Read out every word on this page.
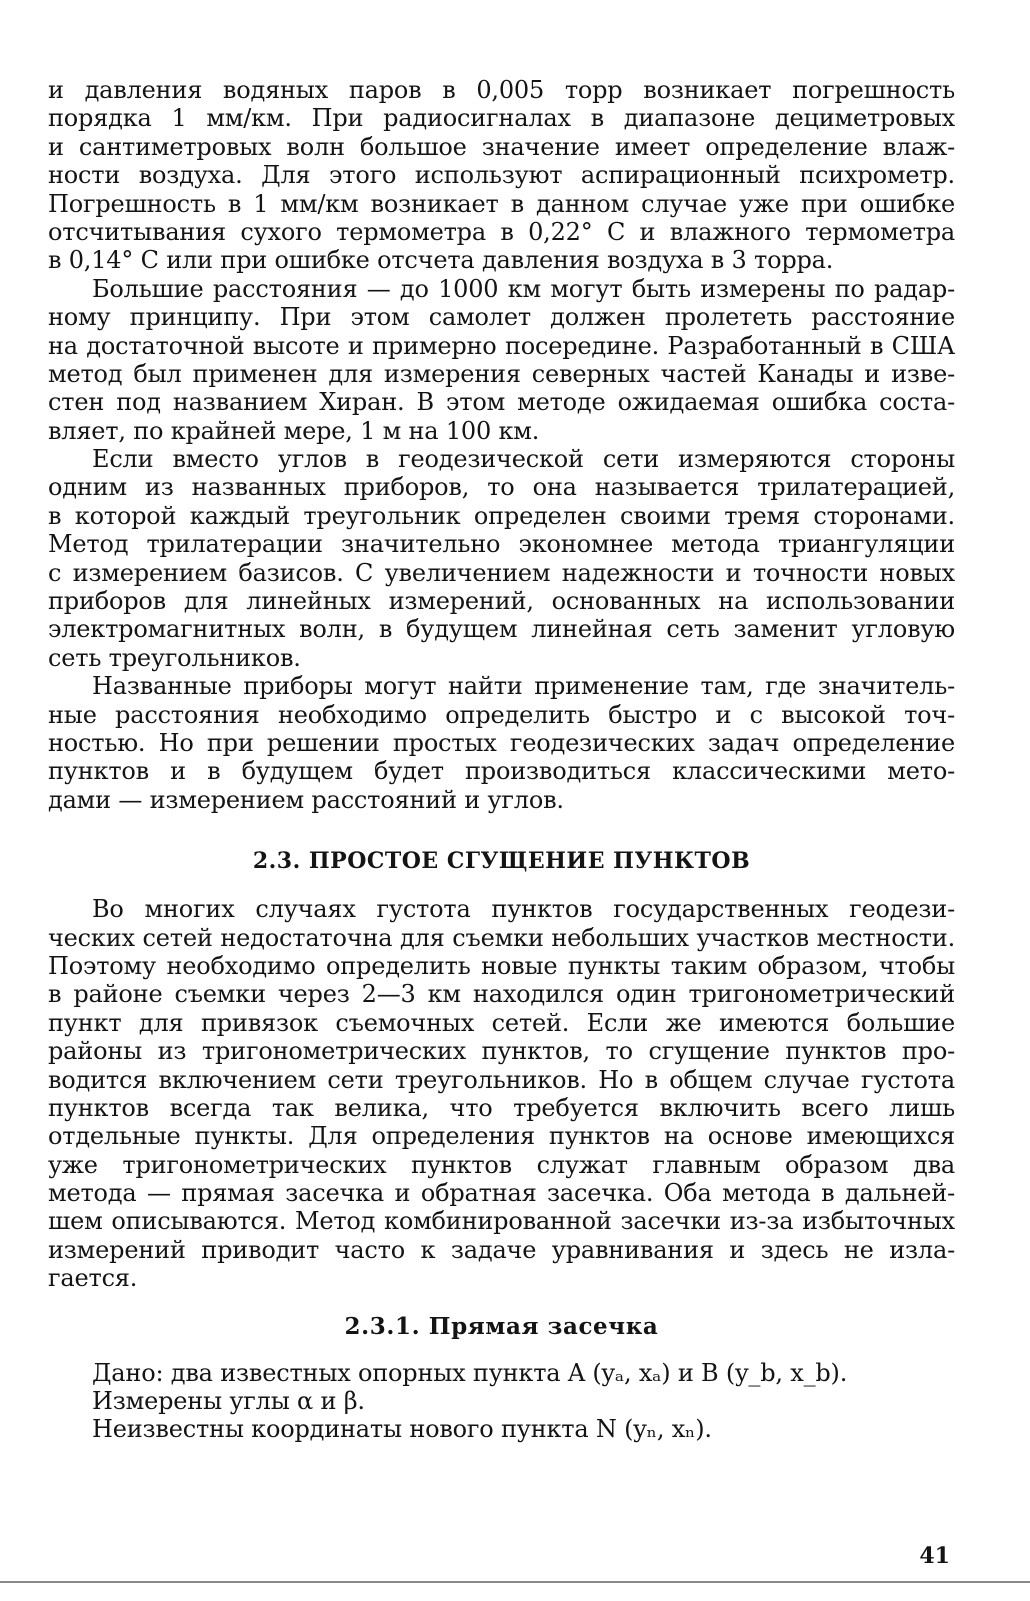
и давления водяных паров в 0,005 торр возникает погрешность
порядка 1 мм/км. При радиосигналах в диапазоне дециметровых
и сантиметровых волн большое значение имеет определение влаж-
ности воздуха. Для этого используют аспирационный психрометр.
Погрешность в 1 мм/км возникает в данном случае уже при ошибке
отсчитывания сухого термометра в 0,22° С и влажного термометра
в 0,14° С или при ошибке отсчета давления воздуха в 3 торра.
Большие расстояния — до 1000 км могут быть измерены по радар-
ному принципу. При этом самолет должен пролететь расстояние
на достаточной высоте и примерно посередине. Разработанный в США
метод был применен для измерения северных частей Канады и изве-
стен под названием Хиран. В этом методе ожидаемая ошибка соста-
вляет, по крайней мере, 1 м на 100 км.
Если вместо углов в геодезической сети измеряются стороны
одним из названных приборов, то она называется трилатерацией,
в которой каждый треугольник определен своими тремя сторонами.
Метод трилатерации значительно экономнее метода триангуляции
с измерением базисов. С увеличением надежности и точности новых
приборов для линейных измерений, основанных на использовании
электромагнитных волн, в будущем линейная сеть заменит угловую
сеть треугольников.
Названные приборы могут найти применение там, где значитель-
ные расстояния необходимо определить быстро и с высокой точ-
ностью. Но при решении простых геодезических задач определение
пунктов и в будущем будет производиться классическими мето-
дами — измерением расстояний и углов.
2.3. ПРОСТОЕ СГУЩЕНИЕ ПУНКТОВ
Во многих случаях густота пунктов государственных геодези-
ческих сетей недостаточна для съемки небольших участков местности.
Поэтому необходимо определить новые пункты таким образом, чтобы
в районе съемки через 2—3 км находился один тригонометрический
пункт для привязок съемочных сетей. Если же имеются большие
районы из тригонометрических пунктов, то сгущение пунктов про-
водится включением сети треугольников. Но в общем случае густота
пунктов всегда так велика, что требуется включить всего лишь
отдельные пункты. Для определения пунктов на основе имеющихся
уже тригонометрических пунктов служат главным образом два
метода — прямая засечка и обратная засечка. Оба метода в дальней-
шем описываются. Метод комбинированной засечки из-за избыточных
измерений приводит часто к задаче уравнивания и здесь не изла-
гается.
2.3.1. Прямая засечка
Дано: два известных опорных пункта A (yₐ, xₐ) и B (y_b, x_b).
Измерены углы α и β.
Неизвестны координаты нового пункта N (yₙ, xₙ).
41
